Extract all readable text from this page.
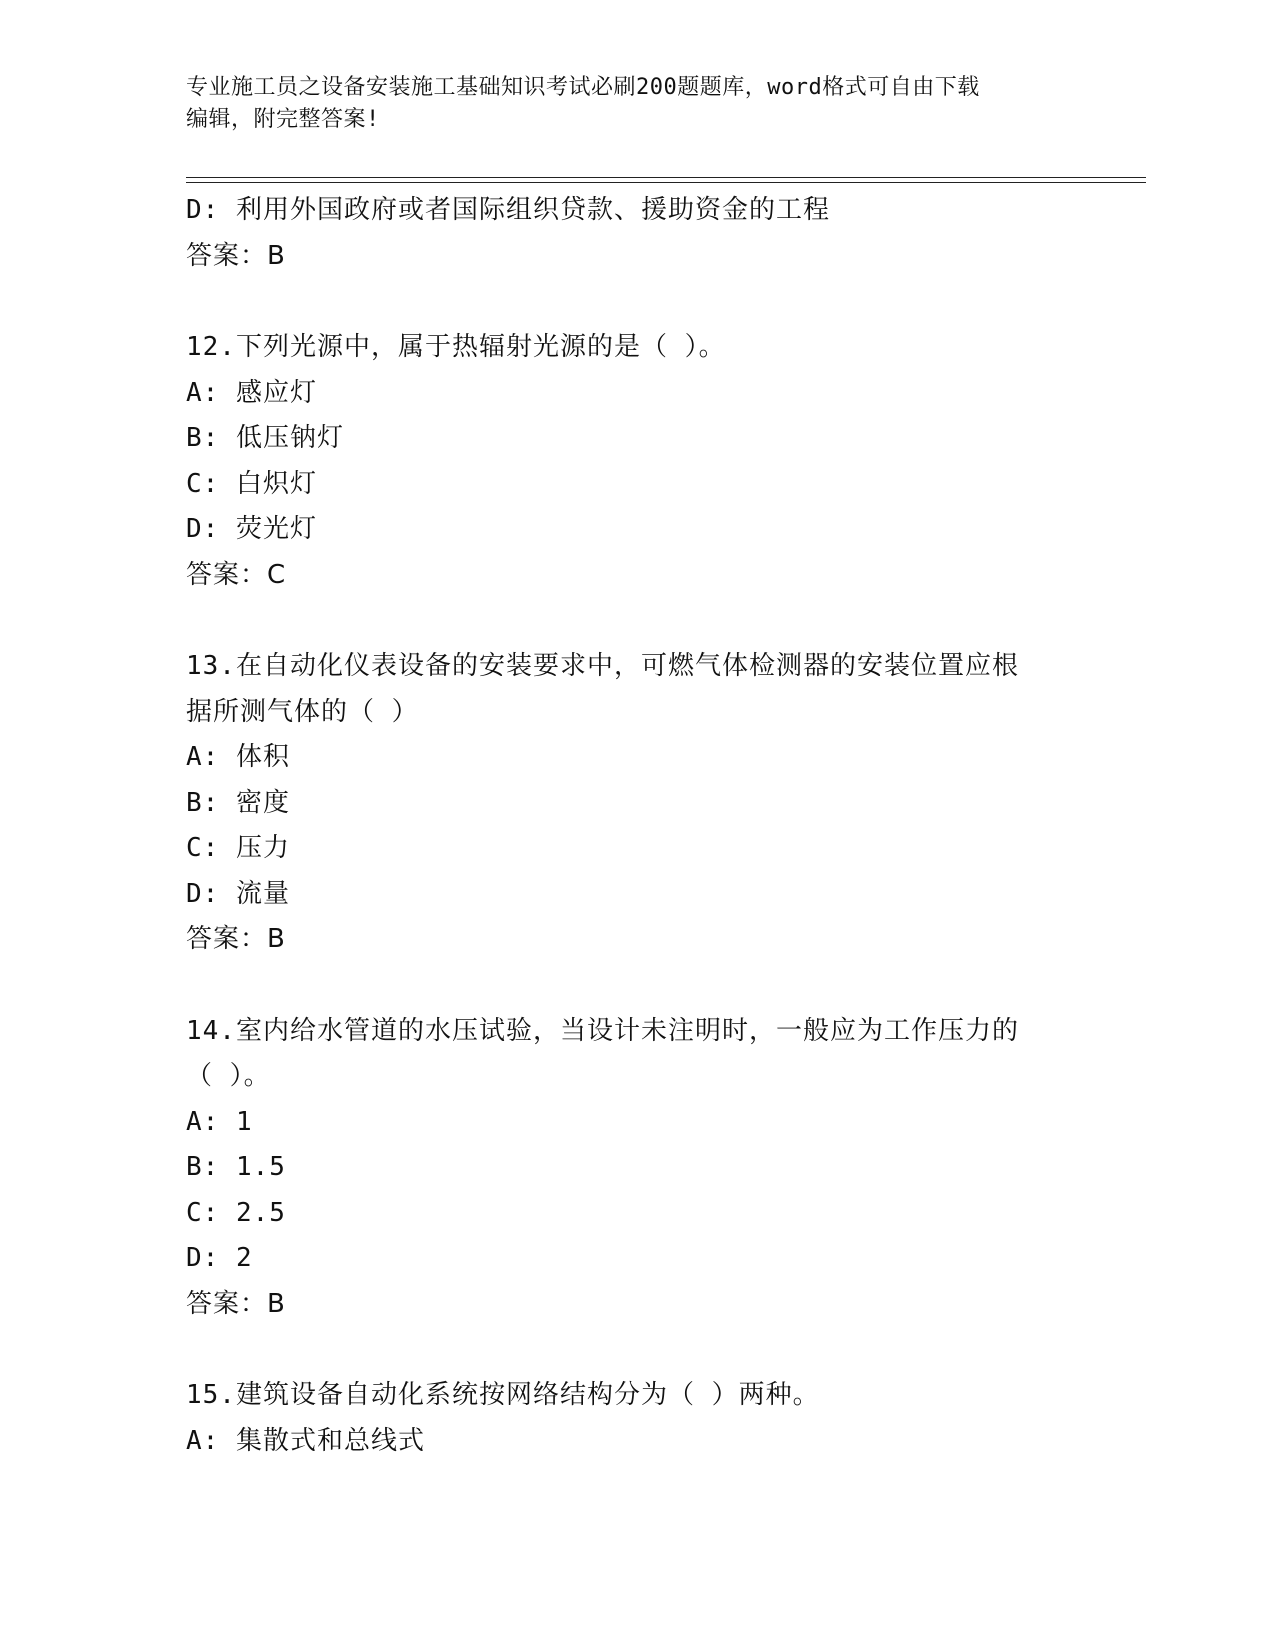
专业施工员之设备安装施工基础知识考试必刷200题题库，word格式可自由下载
编辑，附完整答案!
D: 利用外国政府或者国际组织贷款、援助资金的工程
答案：B
12.下列光源中，属于热辐射光源的是（ ）。
A: 感应灯
B: 低压钠灯
C: 白炽灯
D: 荧光灯
答案：C
13.在自动化仪表设备的安装要求中，可燃气体检测器的安装位置应根
据所测气体的（ ）
A: 体积
B: 密度
C: 压力
D: 流量
答案：B
14.室内给水管道的水压试验，当设计未注明时，一般应为工作压力的
（ ）。
A: 1
B: 1.5
C: 2.5
D: 2
答案：B
15.建筑设备自动化系统按网络结构分为（ ）两种。
A: 集散式和总线式
